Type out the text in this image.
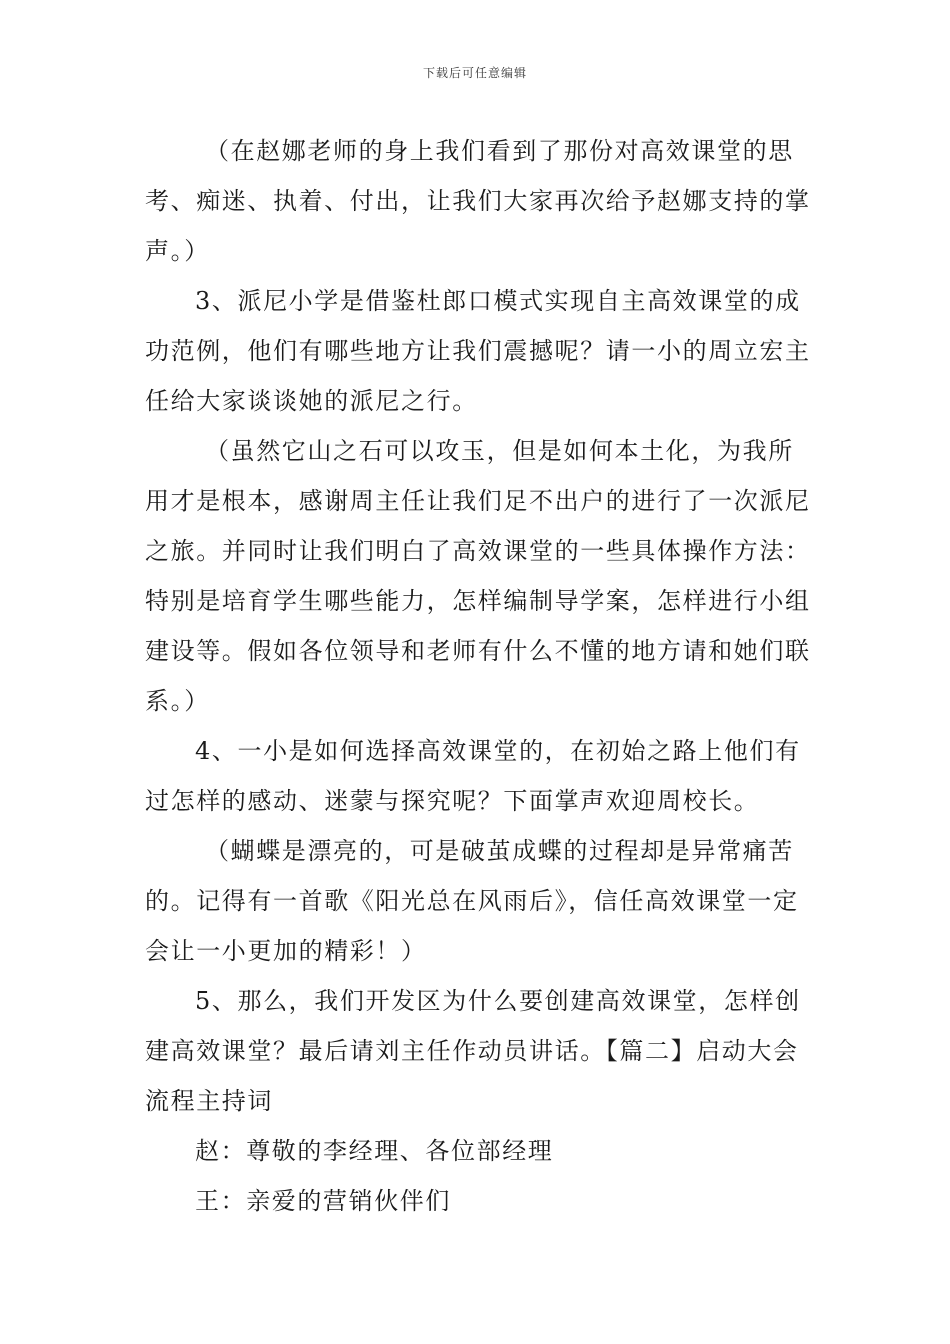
下载后可任意编辑

（在赵娜老师的身上我们看到了那份对高效课堂的思考、痴迷、执着、付出，让我们大家再次给予赵娜支持的掌声。）

3、派尼小学是借鉴杜郎口模式实现自主高效课堂的成功范例，他们有哪些地方让我们震撼呢？请一小的周立宏主任给大家谈谈她的派尼之行。

（虽然它山之石可以攻玉，但是如何本土化，为我所用才是根本，感谢周主任让我们足不出户的进行了一次派尼之旅。并同时让我们明白了高效课堂的一些具体操作方法：特别是培育学生哪些能力，怎样编制导学案，怎样进行小组建设等。假如各位领导和老师有什么不懂的地方请和她们联系。）

4、一小是如何选择高效课堂的，在初始之路上他们有过怎样的感动、迷蒙与探究呢？下面掌声欢迎周校长。

（蝴蝶是漂亮的，可是破茧成蝶的过程却是异常痛苦的。记得有一首歌《阳光总在风雨后》，信任高效课堂一定会让一小更加的精彩！）

5、那么，我们开发区为什么要创建高效课堂，怎样创建高效课堂？最后请刘主任作动员讲话。【篇二】启动大会流程主持词

赵：尊敬的李经理、各位部经理

王：亲爱的营销伙伴们
